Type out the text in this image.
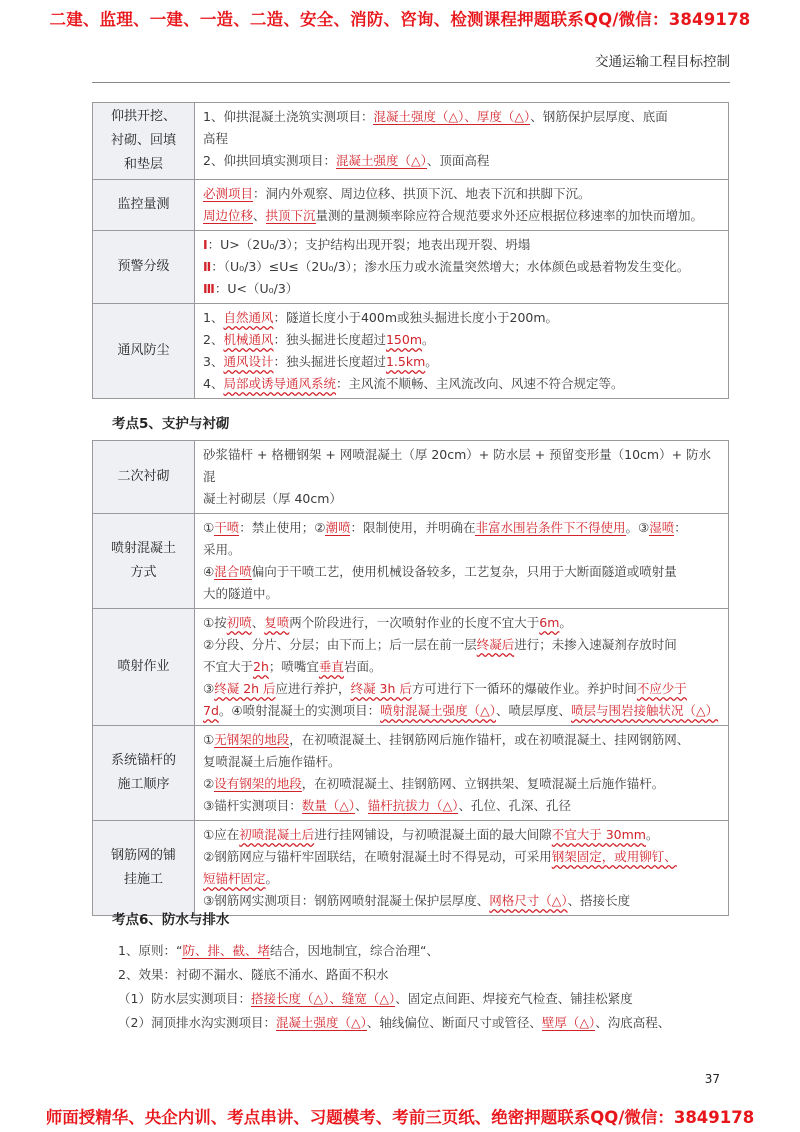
二建、监理、一建、一造、二造、安全、消防、咨询、检测课程押题联系QQ/微信：3849178
交通运输工程目标控制
仰拱开挖、
衬砌、回填
和垫层	1、仰拱混凝土浇筑实测项目：混凝土强度（△）、厚度（△）、钢筋保护层厚度、底面
高程
2、仰拱回填实测项目：混凝土强度（△）、顶面高程

监控量测	必测项目：洞内外观察、周边位移、拱顶下沉、地表下沉和拱脚下沉。
周边位移、拱顶下沉量测的量测频率除应符合规范要求外还应根据位移速率的加快而增加。

预警分级	Ⅰ：U>（2U₀/3）；支护结构出现开裂；地表出现开裂、坍塌
Ⅱ：（U₀/3）≤U≤（2U₀/3）；渗水压力或水流量突然增大；水体颜色或悬着物发生变化。
Ⅲ：U<（U₀/3）

通风防尘	1、自然通风：隧道长度小于400m或独头掘进长度小于200m。
2、机械通风：独头掘进长度超过150m。
3、通风设计：独头掘进长度超过1.5km。
4、局部或诱导通风系统：主风流不顺畅、主风流改向、风速不符合规定等。
考点5、支护与衬砌
二次衬砌	砂浆锚杆 + 格栅钢架 + 网喷混凝土（厚 20cm）+ 防水层 + 预留变形量（10cm）+ 防水混
凝土衬砌层（厚 40cm）

喷射混凝土
方式	①干喷：禁止使用；②潮喷：限制使用，并明确在非富水围岩条件下不得使用。③湿喷：
采用。
④混合喷偏向于干喷工艺，使用机械设备较多，工艺复杂，只用于大断面隧道或喷射量
大的隧道中。

喷射作业	①按初喷、复喷两个阶段进行，一次喷射作业的长度不宜大于6m。
②分段、分片、分层；由下而上；后一层在前一层终凝后进行；未掺入速凝剂存放时间
不宜大于2h；喷嘴宜垂直岩面。
③终凝 2h 后应进行养护，终凝 3h 后方可进行下一循环的爆破作业。养护时间不应少于
7d。④喷射混凝土的实测项目：喷射混凝土强度（△）、喷层厚度、喷层与围岩接触状况（△）

系统锚杆的
施工顺序	①无钢架的地段，在初喷混凝土、挂钢筋网后施作锚杆，或在初喷混凝土、挂网钢筋网、
复喷混凝土后施作锚杆。
②设有钢架的地段，在初喷混凝土、挂钢筋网、立钢拱架、复喷混凝土后施作锚杆。
③锚杆实测项目：数量（△）、锚杆抗拔力（△）、孔位、孔深、孔径

钢筋网的铺
挂施工	①应在初喷混凝土后进行挂网铺设，与初喷混凝土面的最大间隙不宜大于 30mm。
②钢筋网应与锚杆牢固联结，在喷射混凝土时不得晃动，可采用钢架固定，或用铆钉、
短锚杆固定。
③钢筋网实测项目：钢筋网喷射混凝土保护层厚度、网格尺寸（△）、搭接长度
考点6、防水与排水
1、原则：“防、排、截、堵结合，因地制宜，综合治理“、
2、效果：衬砌不漏水、隧底不涌水、路面不积水
（1）防水层实测项目：搭接长度（△）、缝宽（△）、固定点间距、焊接充气检查、铺挂松紧度
（2）洞顶排水沟实测项目：混凝土强度（△）、轴线偏位、断面尺寸或管径、壁厚（△）、沟底高程、
37
师面授精华、央企内训、考点串讲、习题模考、考前三页纸、绝密押题联系QQ/微信：3849178
